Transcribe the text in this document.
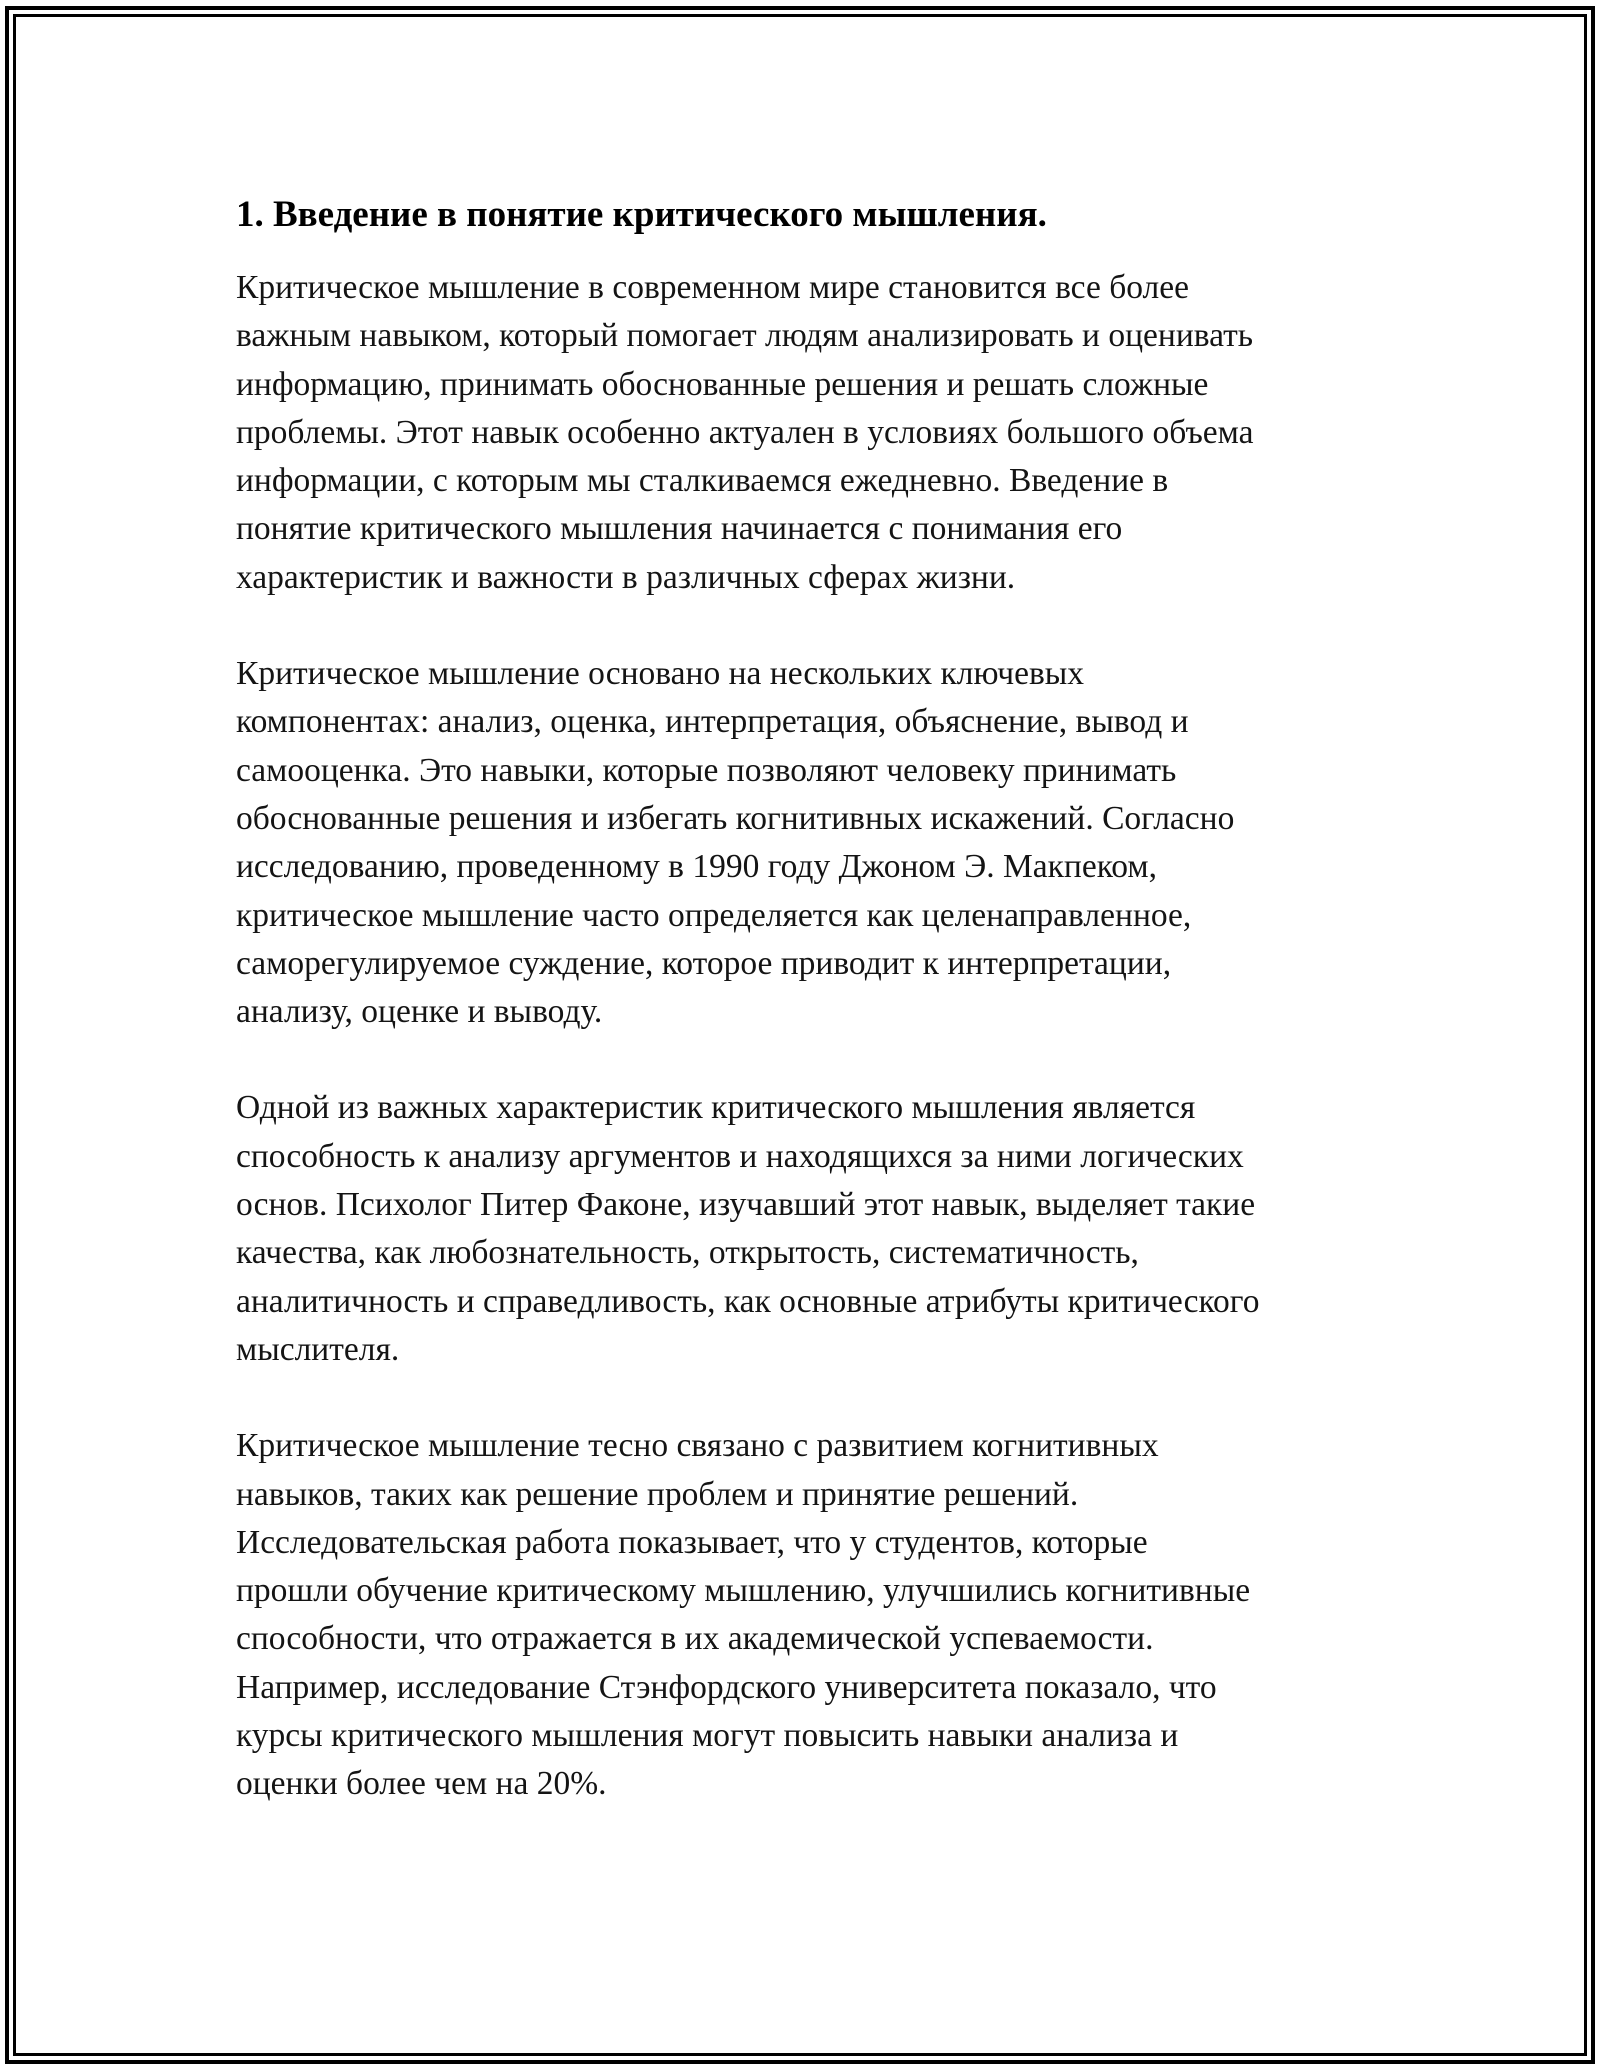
1. Введение в понятие критического мышления.

Критическое мышление в современном мире становится все более
важным навыком, который помогает людям анализировать и оценивать
информацию, принимать обоснованные решения и решать сложные
проблемы. Этот навык особенно актуален в условиях большого объема
информации, с которым мы сталкиваемся ежедневно. Введение в
понятие критического мышления начинается с понимания его
характеристик и важности в различных сферах жизни.

Критическое мышление основано на нескольких ключевых
компонентах: анализ, оценка, интерпретация, объяснение, вывод и
самооценка. Это навыки, которые позволяют человеку принимать
обоснованные решения и избегать когнитивных искажений. Согласно
исследованию, проведенному в 1990 году Джоном Э. Макпеком,
критическое мышление часто определяется как целенаправленное,
саморегулируемое суждение, которое приводит к интерпретации,
анализу, оценке и выводу.

Одной из важных характеристик критического мышления является
способность к анализу аргументов и находящихся за ними логических
основ. Психолог Питер Факоне, изучавший этот навык, выделяет такие
качества, как любознательность, открытость, систематичность,
аналитичность и справедливость, как основные атрибуты критического
мыслителя.

Критическое мышление тесно связано с развитием когнитивных
навыков, таких как решение проблем и принятие решений.
Исследовательская работа показывает, что у студентов, которые
прошли обучение критическому мышлению, улучшились когнитивные
способности, что отражается в их академической успеваемости.
Например, исследование Стэнфордского университета показало, что
курсы критического мышления могут повысить навыки анализа и
оценки более чем на 20%.
